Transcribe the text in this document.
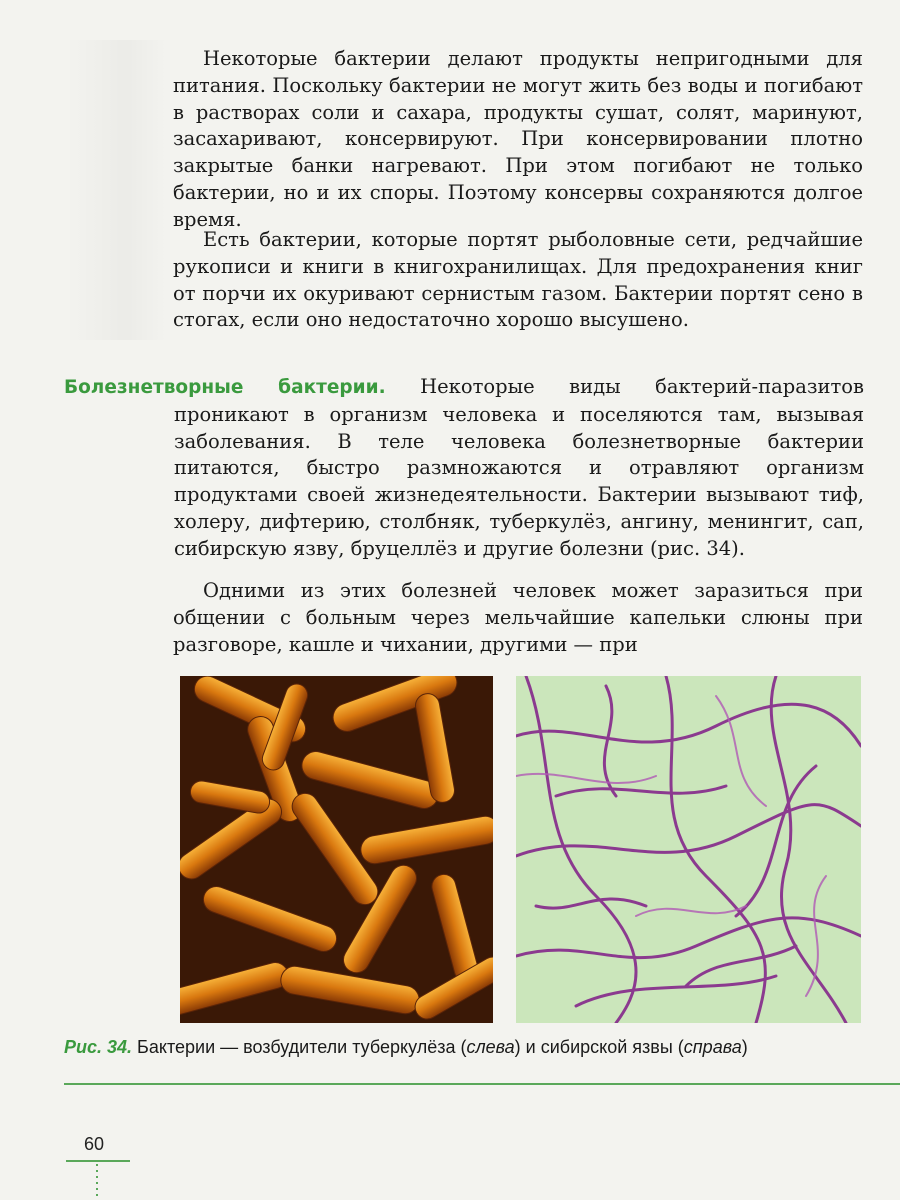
Некоторые бактерии делают продукты непригодными для питания. Поскольку бактерии не могут жить без воды и погибают в растворах соли и сахара, продукты сушат, солят, маринуют, засахаривают, консервируют. При консервировании плотно закрытые банки нагревают. При этом погибают не только бактерии, но и их споры. Поэтому консервы сохраняются долгое время.

Есть бактерии, которые портят рыболовные сети, редчайшие рукописи и книги в книгохранилищах. Для предохранения книг от порчи их окуривают сернистым газом. Бактерии портят сено в стогах, если оно недостаточно хорошо высушено.

Болезнетворные бактерии. Некоторые виды бактерий-паразитов проникают в организм человека и поселяются там, вызывая заболевания. В теле человека болезнетворные бактерии питаются, быстро размножаются и отравляют организм продуктами своей жизнедеятельности. Бактерии вызывают тиф, холеру, дифтерию, столбняк, туберкулёз, ангину, менингит, сап, сибирскую язву, бруцеллёз и другие болезни (рис. 34).

Одними из этих болезней человек может заразиться при общении с больным через мельчайшие капельки слюны при разговоре, кашле и чихании, другими — при

Рис. 34. Бактерии — возбудители туберкулёза (слева) и сибирской язвы (справа)
60
